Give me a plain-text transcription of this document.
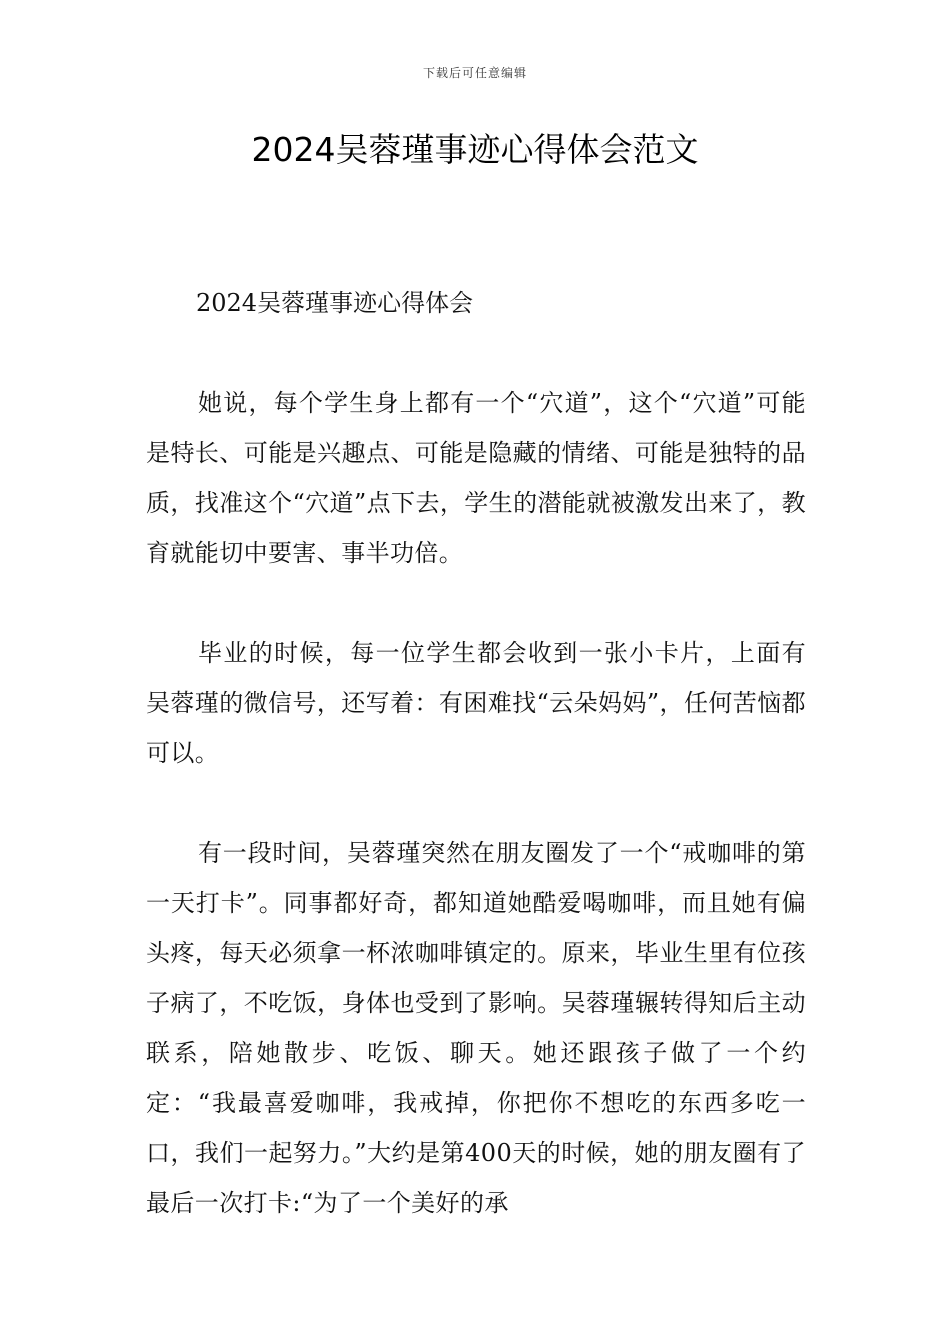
下载后可任意编辑
2024吴蓉瑾事迹心得体会范文

2024吴蓉瑾事迹心得体会

她说，每个学生身上都有一个“穴道”，这个“穴道”可能是特长、可能是兴趣点、可能是隐藏的情绪、可能是独特的品质，找准这个“穴道”点下去，学生的潜能就被激发出来了，教育就能切中要害、事半功倍。

毕业的时候，每一位学生都会收到一张小卡片，上面有吴蓉瑾的微信号，还写着：有困难找“云朵妈妈”，任何苦恼都可以。

有一段时间，吴蓉瑾突然在朋友圈发了一个“戒咖啡的第一天打卡”。同事都好奇，都知道她酷爱喝咖啡，而且她有偏头疼，每天必须拿一杯浓咖啡镇定的。原来，毕业生里有位孩子病了，不吃饭，身体也受到了影响。吴蓉瑾辗转得知后主动联系，陪她散步、吃饭、聊天。她还跟孩子做了一个约定：“我最喜爱咖啡，我戒掉，你把你不想吃的东西多吃一口，我们一起努力。”大约是第400天的时候，她的朋友圈有了最后一次打卡:“为了一个美好的承
